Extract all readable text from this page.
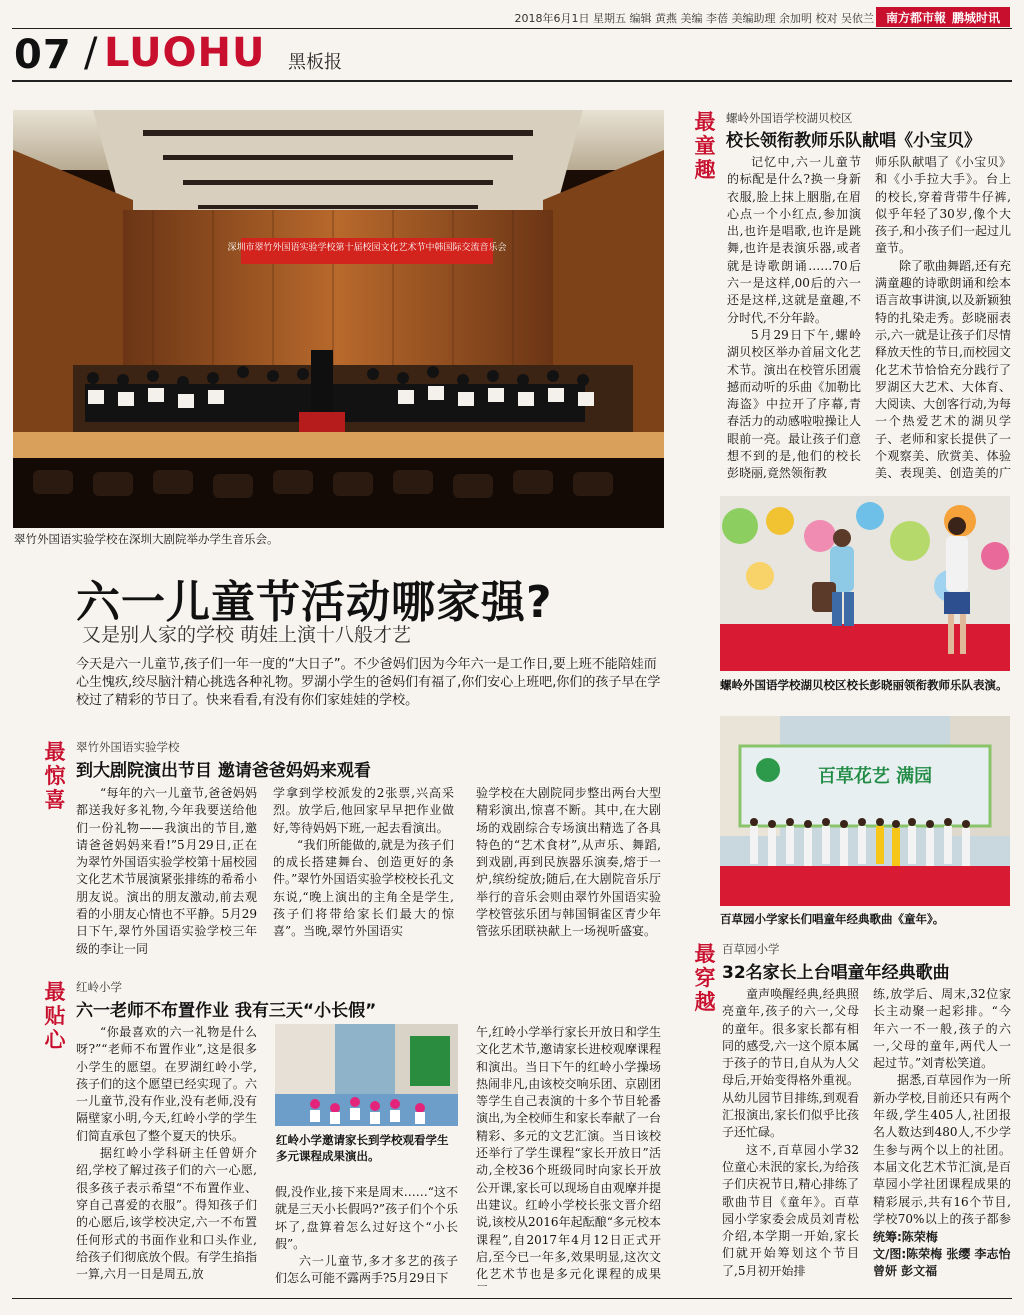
2018年6月1日 星期五 编辑 黄燕 美编 李蓓 美编助理 余加明 校对 吴依兰 南方都市報 鹏城时讯
07 / LUOHU 黑板报
深圳市翠竹外国语实验学校第十届校园文化艺术节中韩国际交流音乐会
翠竹外国语实验学校在深圳大剧院举办学生音乐会。
六一儿童节活动哪家强?
又是别人家的学校 萌娃上演十八般才艺
今天是六一儿童节,孩子们一年一度的“大日子”。不少爸妈们因为今年六一是工作日,要上班不能陪娃而心生愧疚,绞尽脑汁精心挑选各种礼物。罗湖小学生的爸妈们有福了,你们安心上班吧,你们的孩子早在学校过了精彩的节日了。快来看看,有没有你们家娃娃的学校。
最
惊
喜
翠竹外国语实验学校
到大剧院演出节目 邀请爸爸妈妈来观看

“每年的六一儿童节,爸爸妈妈都送我好多礼物,今年我要送给他们一份礼物——我演出的节目,邀请爸爸妈妈来看!”5月29日,正在为翠竹外国语实验学校第十届校园文化艺术节展演紧张排练的希希小朋友说。演出的朋友激动,前去观看的小朋友心情也不平静。5月29日下午,翠竹外国语实验学校三年级的李让一同

学拿到学校派发的2张票,兴高采烈。放学后,他回家早早把作业做好,等待妈妈下班,一起去看演出。

“我们所能做的,就是为孩子们的成长搭建舞台、创造更好的条件。”翠竹外国语实验学校校长孔文东说,“晚上演出的主角全是学生,孩子们将带给家长们最大的惊喜”。当晚,翠竹外国语实

验学校在大剧院同步整出两台大型精彩演出,惊喜不断。其中,在大剧场的戏剧综合专场演出精选了各具特色的“艺术食材”,从声乐、舞蹈,到戏剧,再到民族器乐演奏,熔于一炉,缤纷绽放;随后,在大剧院音乐厅举行的音乐会则由翠竹外国语实验学校管弦乐团与韩国铜雀区青少年管弦乐团联袂献上一场视听盛宴。

最
贴
心
红岭小学
六一老师不布置作业 我有三天“小长假”

“你最喜欢的六一礼物是什么呀?”“老师不布置作业”,这是很多小学生的愿望。在罗湖红岭小学,孩子们的这个愿望已经实现了。六一儿童节,没有作业,没有老师,没有隔壁家小明,今天,红岭小学的学生们简直承包了整个夏天的快乐。

据红岭小学科研主任曾妍介绍,学校了解过孩子们的六一心愿,很多孩子表示希望“不布置作业、穿自己喜爱的衣服”。得知孩子们的心愿后,该学校决定,六一不布置任何形式的书面作业和口头作业,给孩子们彻底放个假。有学生掐指一算,六月一日是周五,放

红岭小学邀请家长到学校观看学生多元课程成果演出。

假,没作业,接下来是周末……“这不就是三天小长假吗?”孩子们个个乐坏了,盘算着怎么过好这个“小长假”。

六一儿童节,多才多艺的孩子们怎么可能不露两手?5月29日下

午,红岭小学举行家长开放日和学生文化艺术节,邀请家长进校观摩课程和演出。当日下午的红岭小学操场热闹非凡,由该校交响乐团、京剧团等学生自己表演的十多个节目轮番演出,为全校师生和家长奉献了一台精彩、多元的文艺汇演。当日该校还举行了学生课程“家长开放日”活动,全校36个班级同时向家长开放公开课,家长可以现场自由观摩并提出建议。红岭小学校长张文晋介绍说,该校从2016年起酝酿“多元校本课程”,自2017年4月12日正式开启,至今已一年多,效果明显,这次文化艺术节也是多元化课程的成果

最
童
趣
螺岭外国语学校湖贝校区
校长领衔教师乐队献唱《小宝贝》

记忆中,六一儿童节的标配是什么?换一身新衣服,脸上抹上胭脂,在眉心点一个小红点,参加演出,也许是唱歌,也许是跳舞,也许是表演乐器,或者就是诗歌朗诵……70后六一是这样,00后的六一还是这样,这就是童趣,不分时代,不分年龄。

5月29日下午,螺岭湖贝校区举办首届文化艺术节。演出在校管乐团震撼而动听的乐曲《加勒比海盗》中拉开了序幕,青春活力的动感啦啦操让人眼前一亮。最让孩子们意想不到的是,他们的校长彭晓丽,竟然领衔教

师乐队献唱了《小宝贝》和《小手拉大手》。台上的校长,穿着背带牛仔裤,似乎年轻了30岁,像个大孩子,和小孩子们一起过儿童节。

除了歌曲舞蹈,还有充满童趣的诗歌朗诵和绘本语言故事讲演,以及新颖独特的扎染走秀。彭晓丽表示,六一就是让孩子们尽情释放天性的节日,而校园文化艺术节恰恰充分践行了罗湖区大艺术、大体育、大阅读、大创客行动,为每一个热爱艺术的湖贝学子、老师和家长提供了一个观察美、欣赏美、体验美、表现美、创造美的广

螺岭外国语学校湖贝校区校长彭晓丽领衔教师乐队表演。
百草花艺 满园
百草园小学家长们唱童年经典歌曲《童年》。
最
穿
越
百草园小学
32名家长上台唱童年经典歌曲

童声唤醒经典,经典照亮童年,孩子的六一,父母的童年。很多家长都有相同的感受,六一这个原本属于孩子的节日,自从为人父母后,开始变得格外重视。从幼儿园节目排练,到观看汇报演出,家长们似乎比孩子还忙碌。

这不,百草园小学32位童心未泯的家长,为给孩子们庆祝节日,精心排练了歌曲节目《童年》。百草园小学家委会成员刘青松介绍,本学期一开始,家长们就开始筹划这个节目了,5月初开始排

练,放学后、周末,32位家长主动聚一起彩排。“今年六一不一般,孩子的六一,父母的童年,两代人一起过节。”刘青松笑道。

据悉,百草园作为一所新办学校,目前还只有两个年级,学生405人,社团报名人数达到480人,不少学生参与两个以上的社团。本届文化艺术节汇演,是百草园小学社团课程成果的精彩展示,共有16个节目,学校70%以上的孩子都参

统筹:陈荣梅
文/图:陈荣梅 张缨 李志怡 曾妍 彭文福
